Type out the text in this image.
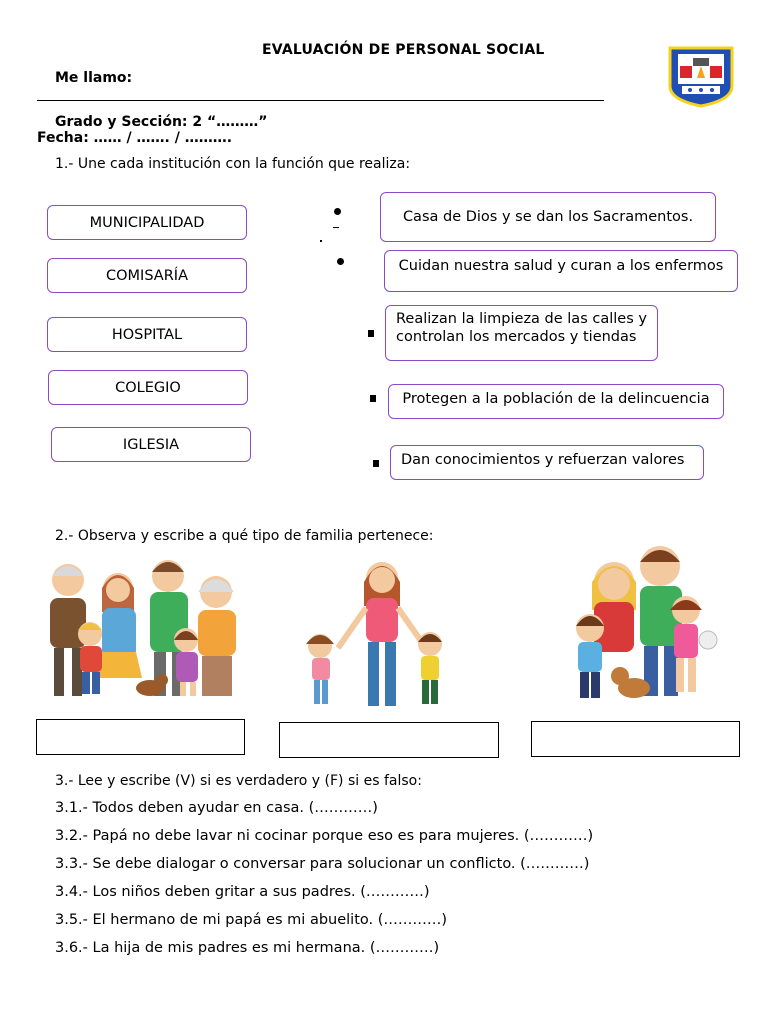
EVALUACIÓN DE PERSONAL SOCIAL
Me llamo:
Grado y Sección: 2 “………”
Fecha: …… / ……. / ……….
1.- Une cada institución con la función que realiza:
MUNICIPALIDAD
COMISARÍA
HOSPITAL
COLEGIO
IGLESIA
Casa de Dios y se dan los Sacramentos.
Cuidan nuestra salud y curan a los enfermos
Realizan la limpieza de las calles y controlan los mercados y tiendas
Protegen a la población de la delincuencia
Dan conocimientos y refuerzan valores
2.- Observa y escribe a qué tipo de familia pertenece:
3.- Lee y escribe (V) si es verdadero y (F) si es falso:
3.1.- Todos deben ayudar en casa. (…………)
3.2.- Papá no debe lavar ni cocinar porque eso es para mujeres. (…………)
3.3.- Se debe dialogar o conversar para solucionar un conflicto. (…………)
3.4.- Los niños deben gritar a sus padres. (…………)
3.5.- El hermano de mi papá es mi abuelito. (…………)
3.6.- La hija de mis padres es mi hermana. (…………)
